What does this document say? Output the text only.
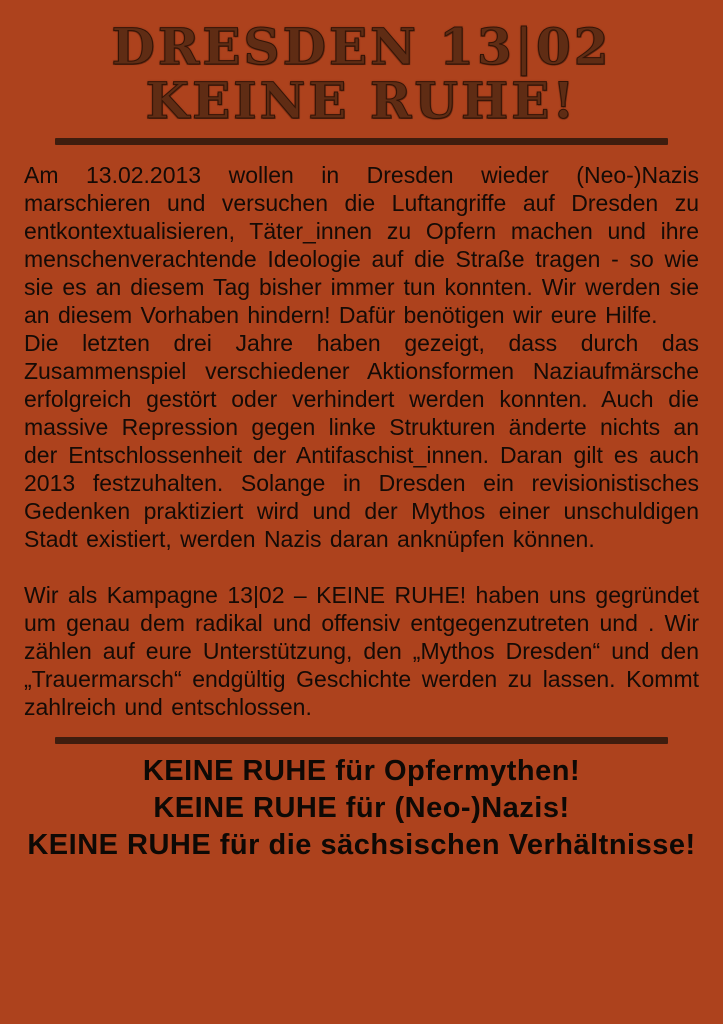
DRESDEN 13|02
KEINE RUHE!

Am 13.02.2013 wollen in Dresden wieder (Neo-)Nazis marschieren und versuchen die Luftangriffe auf Dresden zu entkontextualisieren, Täter_innen zu Opfern machen und ihre menschenverachtende Ideologie auf die Straße tragen - so wie sie es an diesem Tag bisher immer tun konnten. Wir werden sie an diesem Vorhaben hindern! Dafür benötigen wir eure Hilfe.

Die letzten drei Jahre haben gezeigt, dass durch das Zusammenspiel verschiedener Aktionsformen Naziaufmärsche erfolgreich gestört oder verhindert werden konnten. Auch die massive Repression gegen linke Strukturen änderte nichts an der Entschlossenheit der Antifaschist_innen. Daran gilt es auch 2013 festzuhalten. Solange in Dresden ein revisionistisches Gedenken praktiziert wird und der Mythos einer unschuldigen Stadt existiert, werden Nazis daran anknüpfen können.

Wir als Kampagne 13|02 – KEINE RUHE! haben uns gegründet um genau dem radikal und offensiv entgegenzutreten und . Wir zählen auf eure Unterstützung, den „Mythos Dresden“ und den „Trauermarsch“ endgültig Geschichte werden zu lassen. Kommt zahlreich und entschlossen.

KEINE RUHE für Opfermythen!
KEINE RUHE für (Neo-)Nazis!
KEINE RUHE für die sächsischen Verhältnisse!
